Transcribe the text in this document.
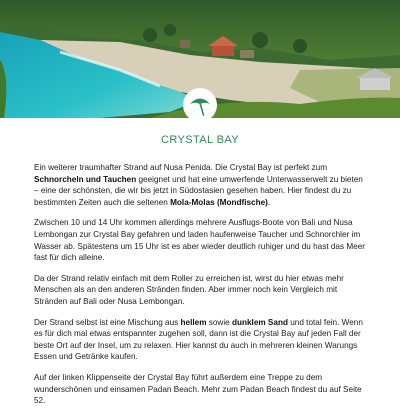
CRYSTAL BAY

Ein weiterer traumhafter Strand auf Nusa Penida. Die Crystal Bay ist perfekt zum Schnorcheln und Tauchen geeignet und hat eine umwerfende Unterwasserwelt zu bieten – eine der schönsten, die wir bis jetzt in Südostasien gesehen haben. Hier findest du zu bestimmten Zeiten auch die seltenen Mola-Molas (Mondfische).

Zwischen 10 und 14 Uhr kommen allerdings mehrere Ausflugs-Boote von Bali und Nusa Lembongan zur Crystal Bay gefahren und laden haufenweise Taucher und Schnorchler im Wasser ab. Spätestens um 15 Uhr ist es aber wieder deutlich ruhiger und du hast das Meer fast für dich alleine.

Da der Strand relativ einfach mit dem Roller zu erreichen ist, wirst du hier etwas mehr Menschen als an den anderen Stränden finden. Aber immer noch kein Vergleich mit Stränden auf Bali oder Nusa Lembongan.

Der Strand selbst ist eine Mischung aus hellem sowie dunklem Sand und total fein. Wenn es für dich mal etwas entspannter zugehen soll, dann ist die Crystal Bay auf jeden Fall der beste Ort auf der Insel, um zu relaxen. Hier kannst du auch in mehreren kleinen Warungs Essen und Getränke kaufen.

Auf der linken Klippenseite der Crystal Bay führt außerdem eine Treppe zu dem wunderschönen und einsamen Padan Beach. Mehr zum Padan Beach findest du auf Seite 52.
